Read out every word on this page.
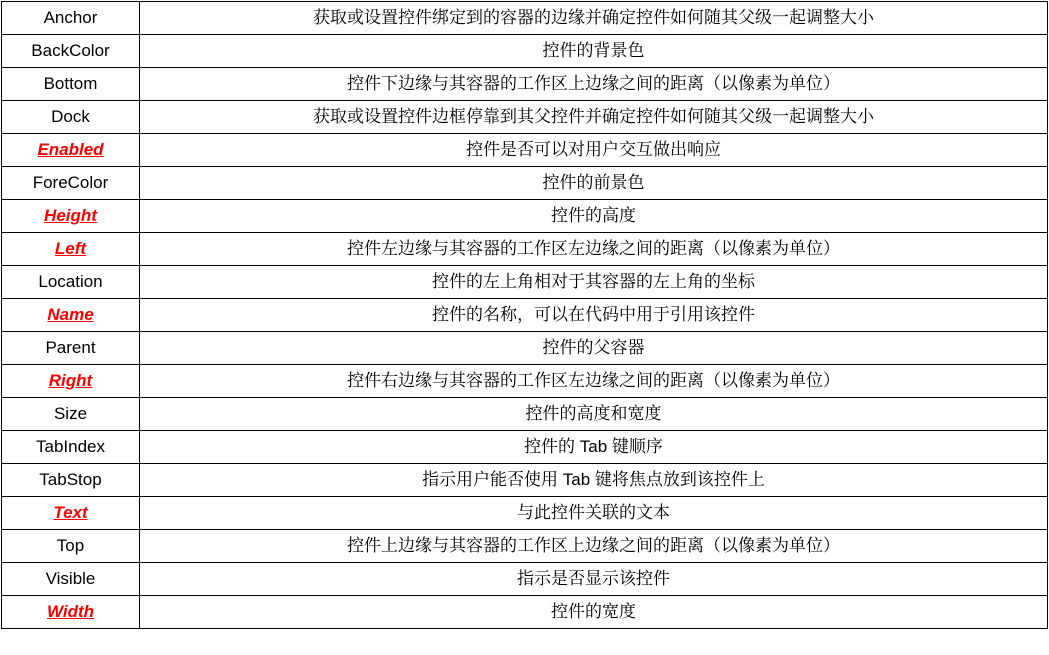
Anchor	获取或设置控件绑定到的容器的边缘并确定控件如何随其父级一起调整大小
BackColor	控件的背景色
Bottom	控件下边缘与其容器的工作区上边缘之间的距离（以像素为单位）
Dock	获取或设置控件边框停靠到其父控件并确定控件如何随其父级一起调整大小
Enabled	控件是否可以对用户交互做出响应
ForeColor	控件的前景色
Height	控件的高度
Left	控件左边缘与其容器的工作区左边缘之间的距离（以像素为单位）
Location	控件的左上角相对于其容器的左上角的坐标
Name	控件的名称，可以在代码中用于引用该控件
Parent	控件的父容器
Right	控件右边缘与其容器的工作区左边缘之间的距离（以像素为单位）
Size	控件的高度和宽度
TabIndex	控件的 Tab 键顺序
TabStop	指示用户能否使用 Tab 键将焦点放到该控件上
Text	与此控件关联的文本
Top	控件上边缘与其容器的工作区上边缘之间的距离（以像素为单位）
Visible	指示是否显示该控件
Width	控件的宽度
